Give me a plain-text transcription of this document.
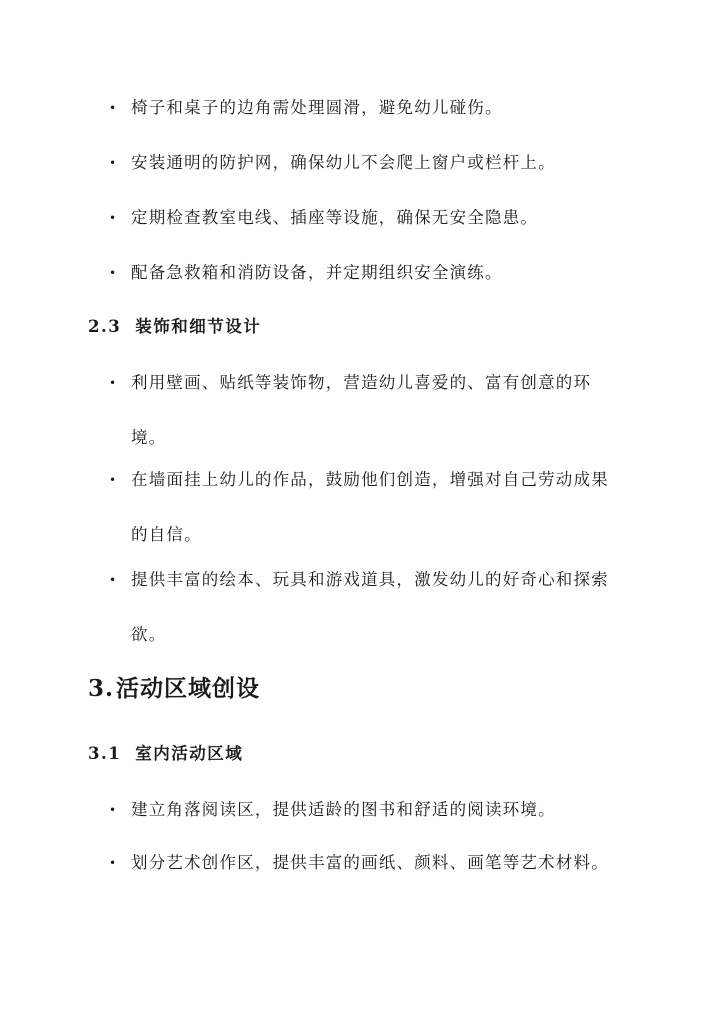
• 椅子和桌子的边角需处理圆滑，避免幼儿碰伤。
• 安装通明的防护网，确保幼儿不会爬上窗户或栏杆上。
• 定期检查教室电线、插座等设施，确保无安全隐患。
• 配备急救箱和消防设备，并定期组织安全演练。
2.3 装饰和细节设计
• 利用壁画、贴纸等装饰物，营造幼儿喜爱的、富有创意的环境。
• 在墙面挂上幼儿的作品，鼓励他们创造，增强对自己劳动成果的自信。
• 提供丰富的绘本、玩具和游戏道具，激发幼儿的好奇心和探索欲。
3.活动区域创设
3.1 室内活动区域
• 建立角落阅读区，提供适龄的图书和舒适的阅读环境。
• 划分艺术创作区，提供丰富的画纸、颜料、画笔等艺术材料。
